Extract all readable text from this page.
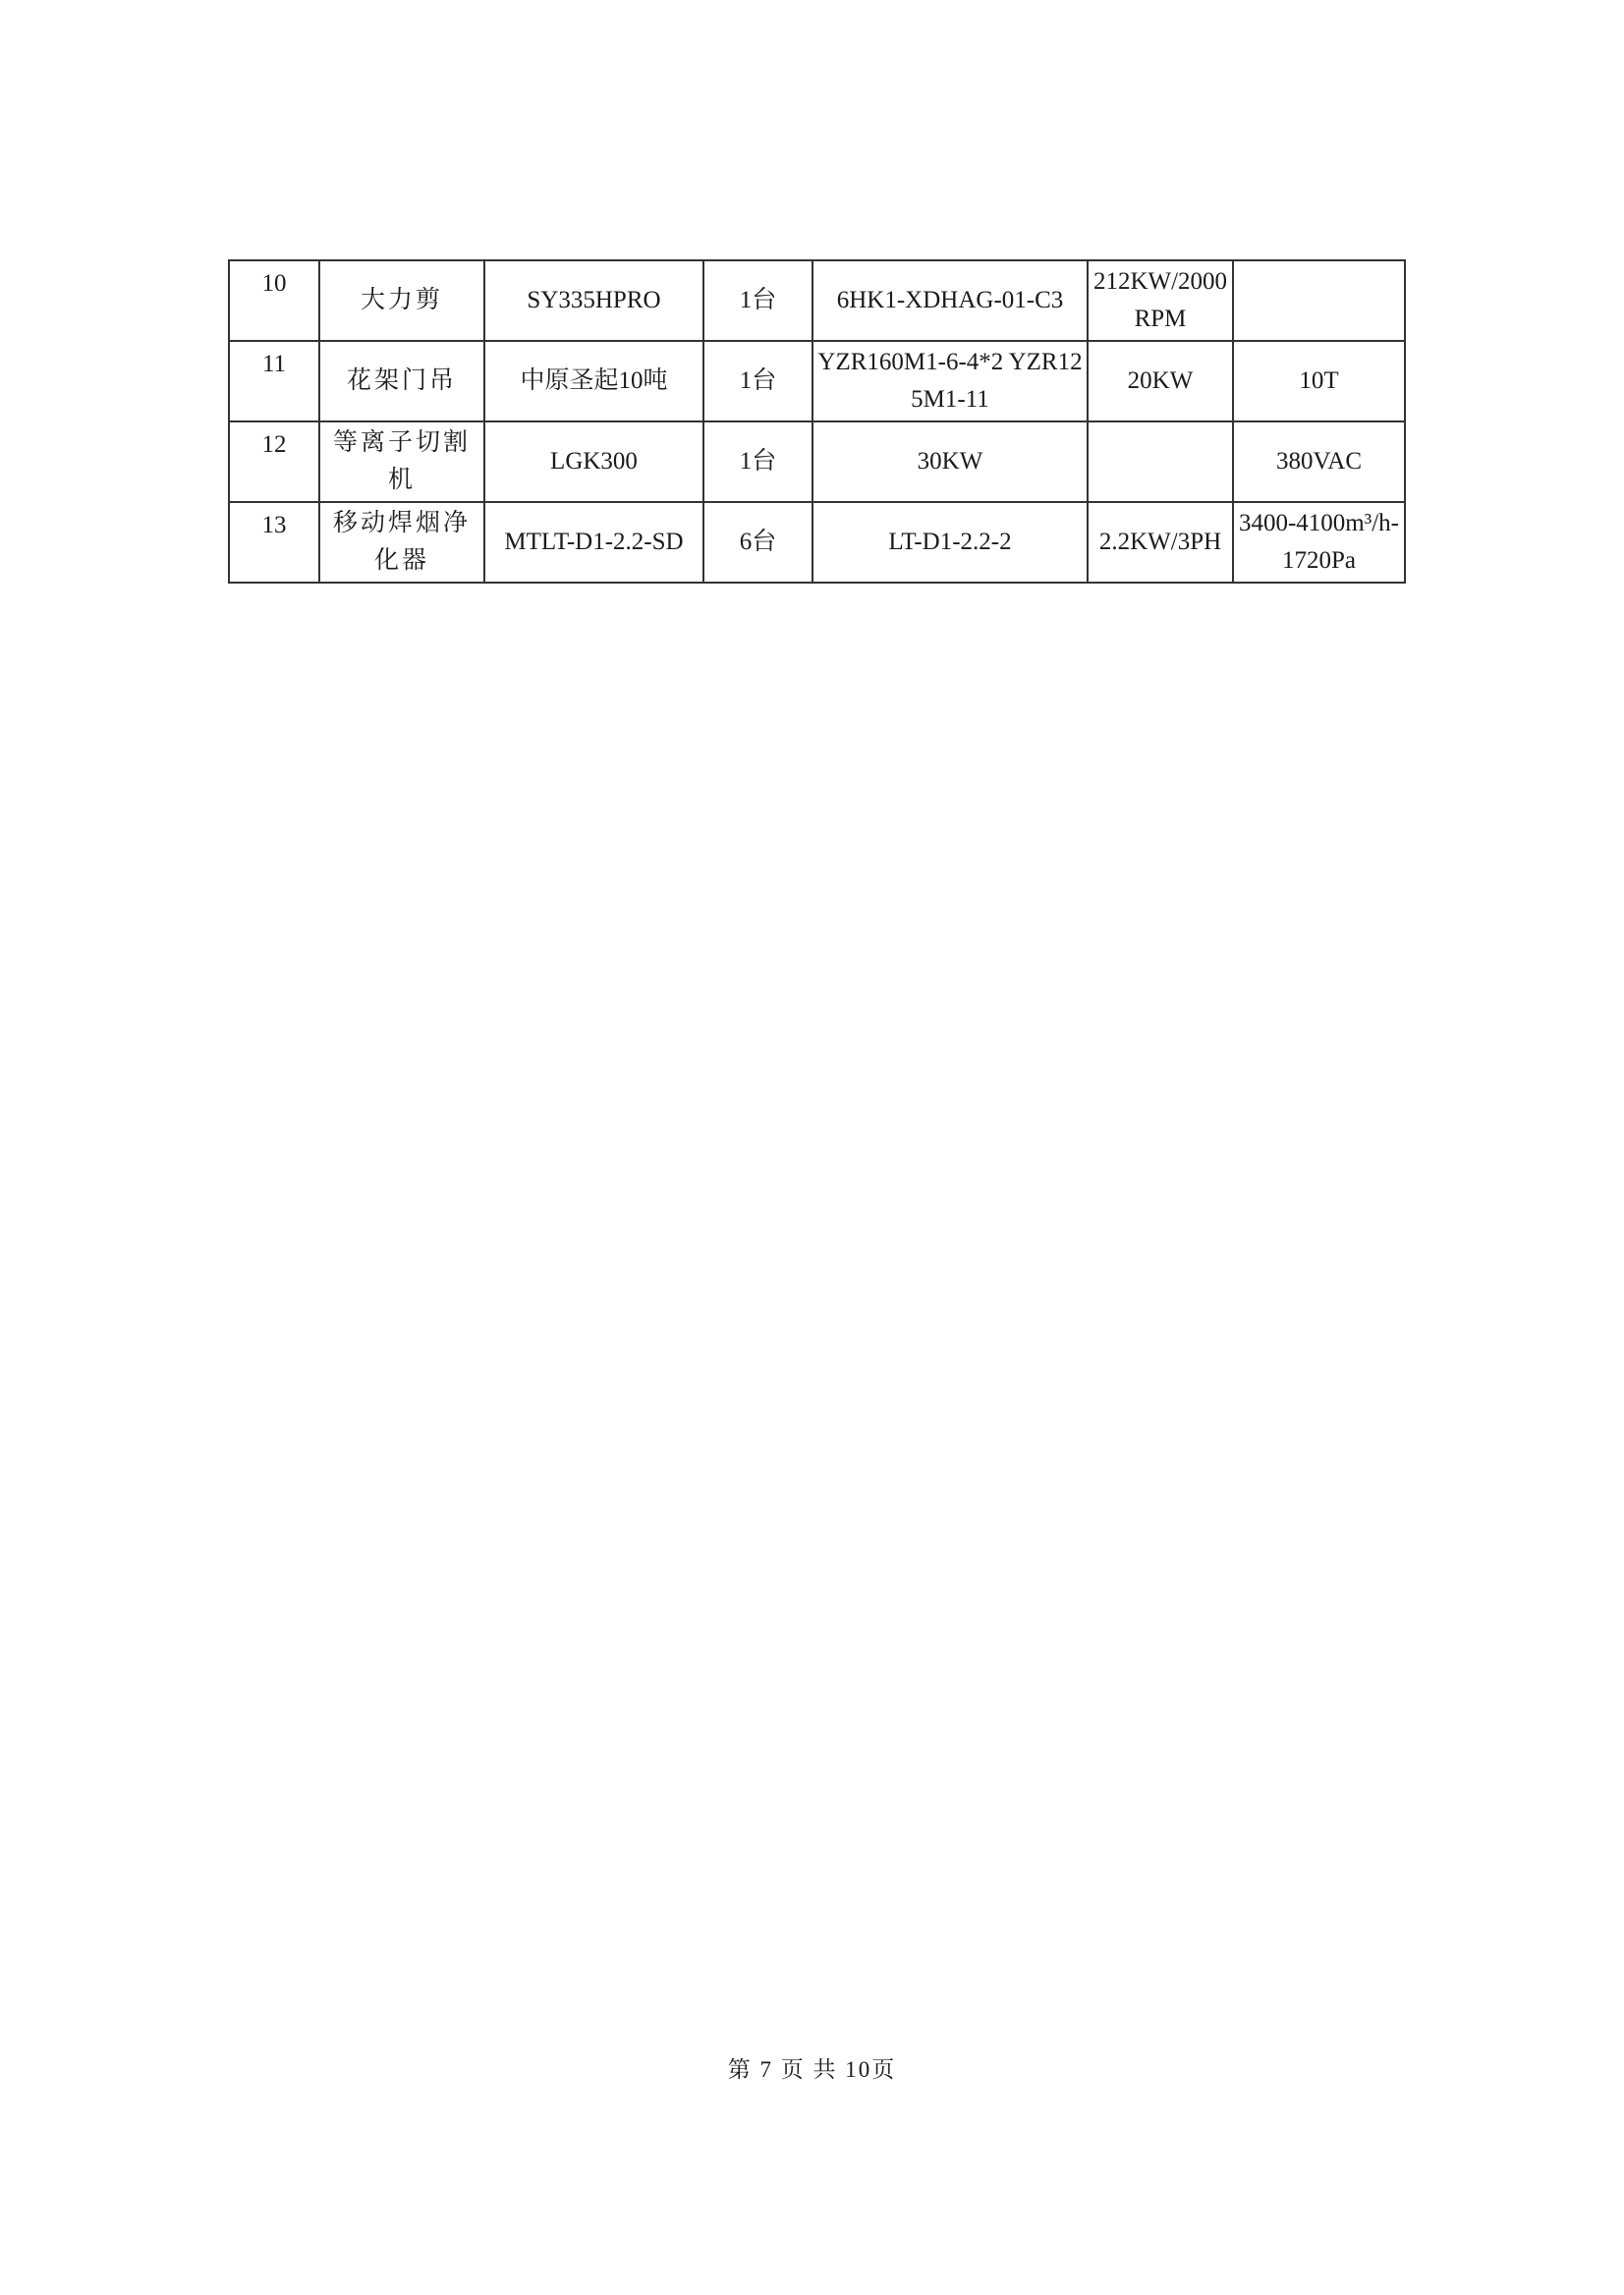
10	大力剪	SY335HPRO	1台	6HK1-XDHAG-01-C3	212KW/2000RPM	
11	花架门吊	中原圣起10吨	1台	YZR160M1-6-4*2 YZR125M1-11	20KW	10T
12	等离子切割机	LGK300	1台	30KW		380VAC
13	移动焊烟净化器	MTLT-D1-2.2-SD	6台	LT-D1-2.2-2	2.2KW/3PH	3400-4100m³/h-1720Pa
第 7 页 共 10页
